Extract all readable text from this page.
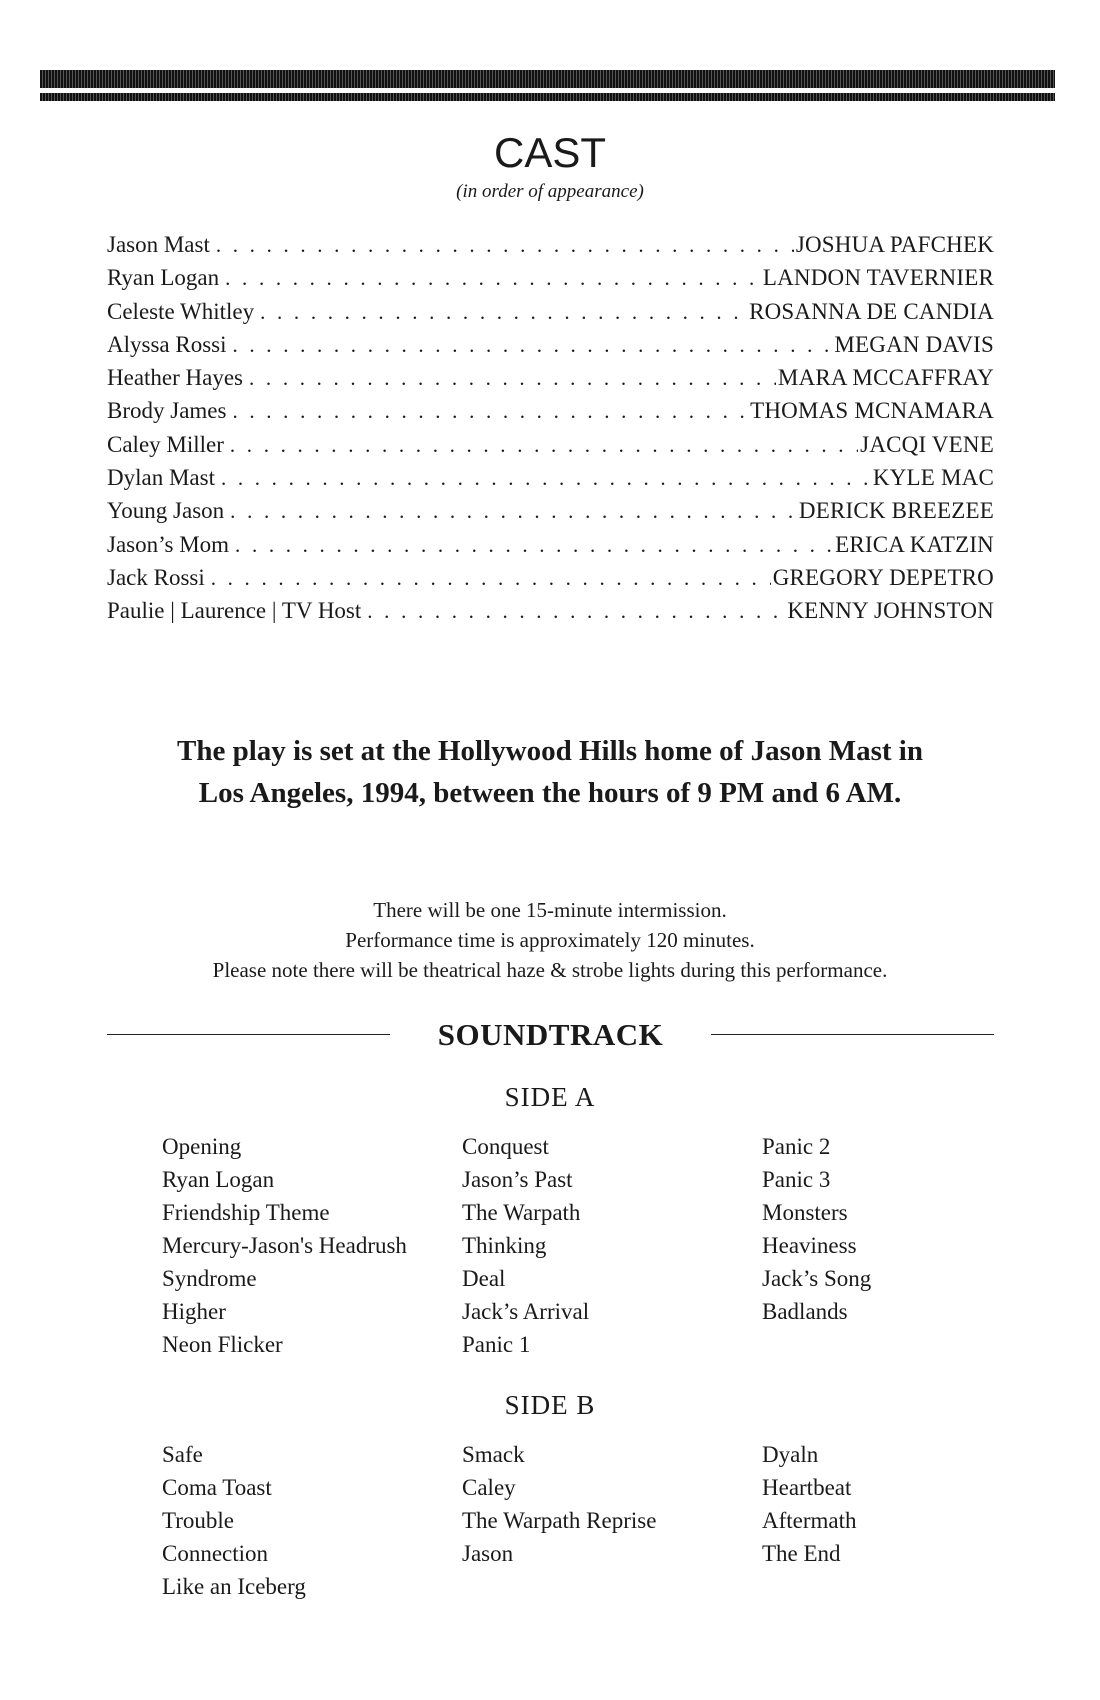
CAST
(in order of appearance)
Jason Mast . . .	JOSHUA PAFCHEK
Ryan Logan . . .	LANDON TAVERNIER
Celeste Whitley . . .	ROSANNA DE CANDIA
Alyssa Rossi . . .	MEGAN DAVIS
Heather Hayes . . .	MARA MCCAFFRAY
Brody James . . .	THOMAS MCNAMARA
Caley Miller . . .	JACQI VENE
Dylan Mast . . .	KYLE MAC
Young Jason . . .	DERICK BREEZEE
Jason’s Mom . . .	ERICA KATZIN
Jack Rossi . . .	GREGORY DEPETRO
Paulie | Laurence | TV Host . . .	KENNY JOHNSTON
The play is set at the Hollywood Hills home of Jason Mast in
Los Angeles, 1994, between the hours of 9 PM and 6 AM.
There will be one 15-minute intermission.
Performance time is approximately 120 minutes.
Please note there will be theatrical haze & strobe lights during this performance.
SOUNDTRACK
SIDE A
Opening
Ryan Logan
Friendship Theme
Mercury-Jason's Headrush
Syndrome
Higher
Neon Flicker
Conquest
Jason’s Past
The Warpath
Thinking
Deal
Jack’s Arrival
Panic 1
Panic 2
Panic 3
Monsters
Heaviness
Jack’s Song
Badlands
SIDE B
Safe
Coma Toast
Trouble
Connection
Like an Iceberg
Smack
Caley
The Warpath Reprise
Jason
Dyaln
Heartbeat
Aftermath
The End
